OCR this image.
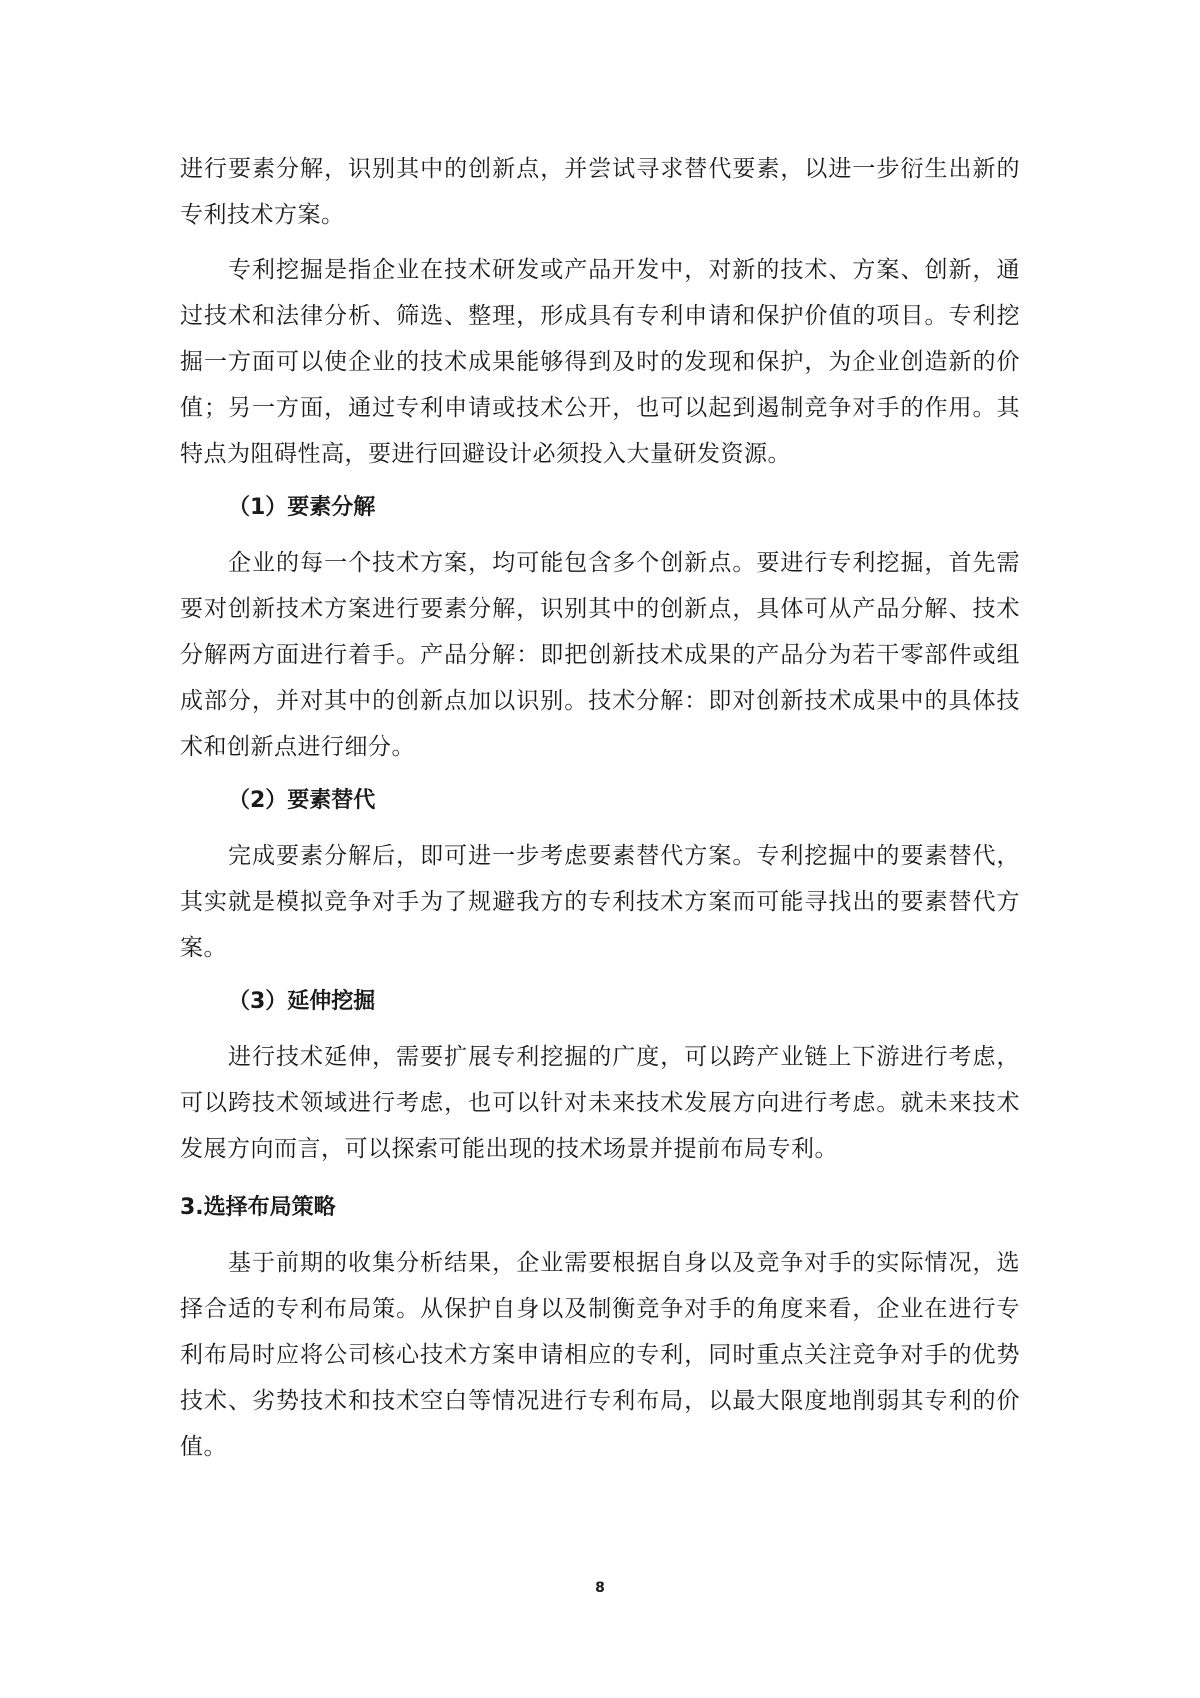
进行要素分解，识别其中的创新点，并尝试寻求替代要素，以进一步衍生出新的专利技术方案。

专利挖掘是指企业在技术研发或产品开发中，对新的技术、方案、创新，通过技术和法律分析、筛选、整理，形成具有专利申请和保护价值的项目。专利挖掘一方面可以使企业的技术成果能够得到及时的发现和保护，为企业创造新的价值；另一方面，通过专利申请或技术公开，也可以起到遏制竞争对手的作用。其特点为阻碍性高，要进行回避设计必须投入大量研发资源。

（1）要素分解

企业的每一个技术方案，均可能包含多个创新点。要进行专利挖掘，首先需要对创新技术方案进行要素分解，识别其中的创新点，具体可从产品分解、技术分解两方面进行着手。产品分解：即把创新技术成果的产品分为若干零部件或组成部分，并对其中的创新点加以识别。技术分解：即对创新技术成果中的具体技术和创新点进行细分。

（2）要素替代

完成要素分解后，即可进一步考虑要素替代方案。专利挖掘中的要素替代，其实就是模拟竞争对手为了规避我方的专利技术方案而可能寻找出的要素替代方案。

（3）延伸挖掘

进行技术延伸，需要扩展专利挖掘的广度，可以跨产业链上下游进行考虑，可以跨技术领域进行考虑，也可以针对未来技术发展方向进行考虑。就未来技术发展方向而言，可以探索可能出现的技术场景并提前布局专利。

3.选择布局策略

基于前期的收集分析结果，企业需要根据自身以及竞争对手的实际情况，选择合适的专利布局策。从保护自身以及制衡竞争对手的角度来看，企业在进行专利布局时应将公司核心技术方案申请相应的专利，同时重点关注竞争对手的优势技术、劣势技术和技术空白等情况进行专利布局，以最大限度地削弱其专利的价值。

8
